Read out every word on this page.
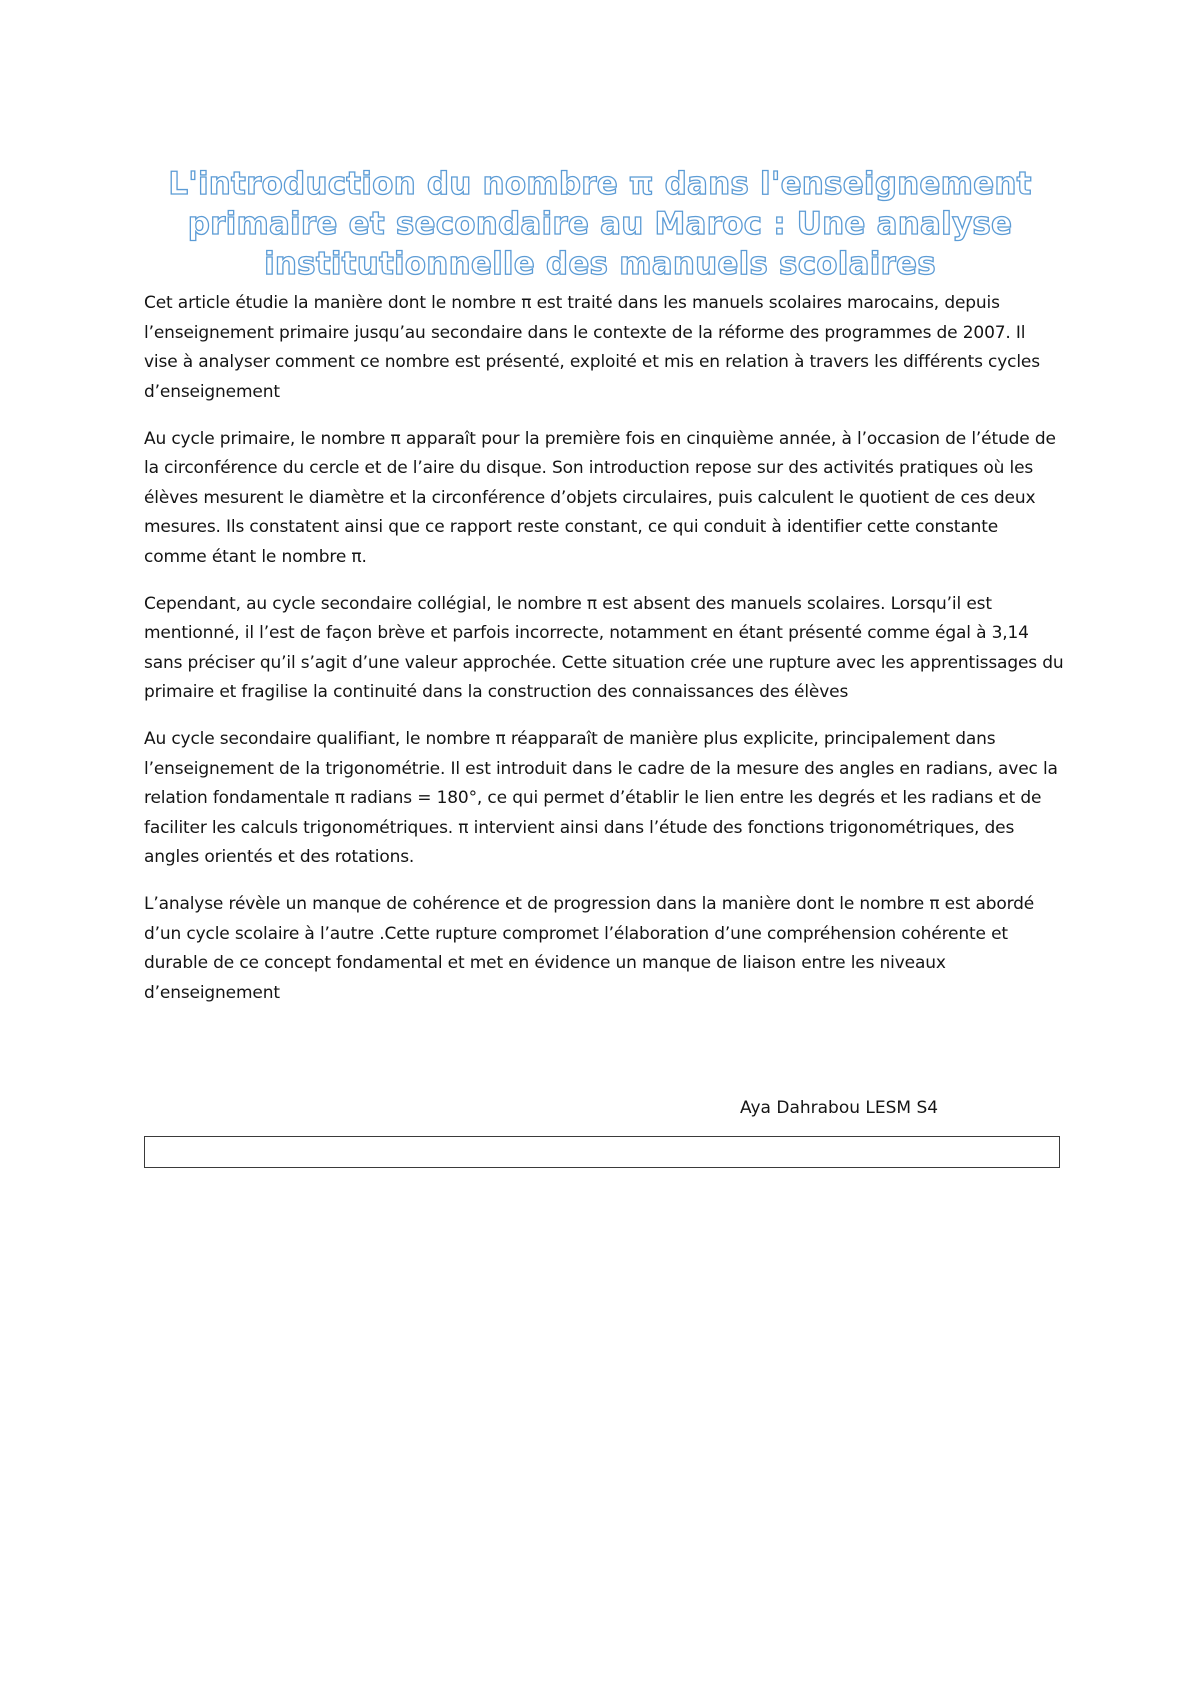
L'introduction du nombre π dans l'enseignement primaire et secondaire au Maroc : Une analyse institutionnelle des manuels scolaires

Cet article étudie la manière dont le nombre π est traité dans les manuels scolaires marocains, depuis l’enseignement primaire jusqu’au secondaire dans le contexte de la réforme des programmes de 2007. Il vise à analyser comment ce nombre est présenté, exploité et mis en relation à travers les différents cycles d’enseignement

Au cycle primaire, le nombre π apparaît pour la première fois en cinquième année, à l’occasion de l’étude de la circonférence du cercle et de l’aire du disque. Son introduction repose sur des activités pratiques où les élèves mesurent le diamètre et la circonférence d’objets circulaires, puis calculent le quotient de ces deux mesures. Ils constatent ainsi que ce rapport reste constant, ce qui conduit à identifier cette constante comme étant le nombre π.

Cependant, au cycle secondaire collégial, le nombre π est absent des manuels scolaires. Lorsqu’il est mentionné, il l’est de façon brève et parfois incorrecte, notamment en étant présenté comme égal à 3,14 sans préciser qu’il s’agit d’une valeur approchée. Cette situation crée une rupture avec les apprentissages du primaire et fragilise la continuité dans la construction des connaissances des élèves

Au cycle secondaire qualifiant, le nombre π réapparaît de manière plus explicite, principalement dans l’enseignement de la trigonométrie. Il est introduit dans le cadre de la mesure des angles en radians, avec la relation fondamentale π radians = 180°, ce qui permet d’établir le lien entre les degrés et les radians et de faciliter les calculs trigonométriques. π intervient ainsi dans l’étude des fonctions trigonométriques, des angles orientés et des rotations.

L’analyse révèle un manque de cohérence et de progression dans la manière dont le nombre π est abordé d’un cycle scolaire à l’autre .Cette rupture compromet l’élaboration d’une compréhension cohérente et durable de ce concept fondamental et met en évidence un manque de liaison entre les niveaux d’enseignement

Aya Dahrabou LESM S4
